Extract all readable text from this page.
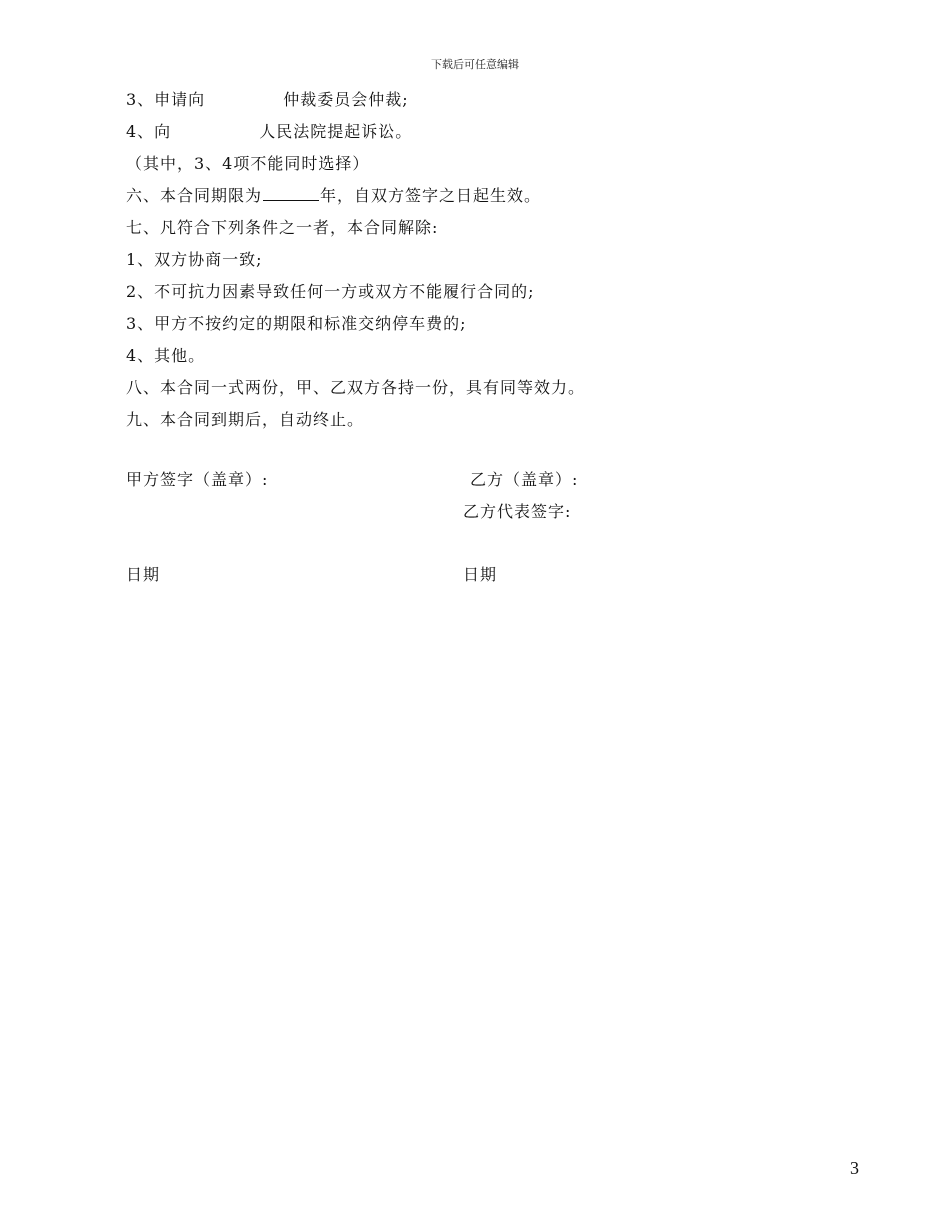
下载后可任意编辑
3、申请向	仲裁委员会仲裁;
4、向	人民法院提起诉讼。
（其中，3、4项不能同时选择）
六、本合同期限为	年，自双方签字之日起生效。
七、凡符合下列条件之一者，本合同解除:
1、双方协商一致;
2、不可抗力因素导致任何一方或双方不能履行合同的;
3、甲方不按约定的期限和标准交纳停车费的;
4、其他。
八、本合同一式两份，甲、乙双方各持一份，具有同等效力。
九、本合同到期后，自动终止。
甲方签字（盖章）:	乙方（盖章）:
乙方代表签字:
日期	日期
3
